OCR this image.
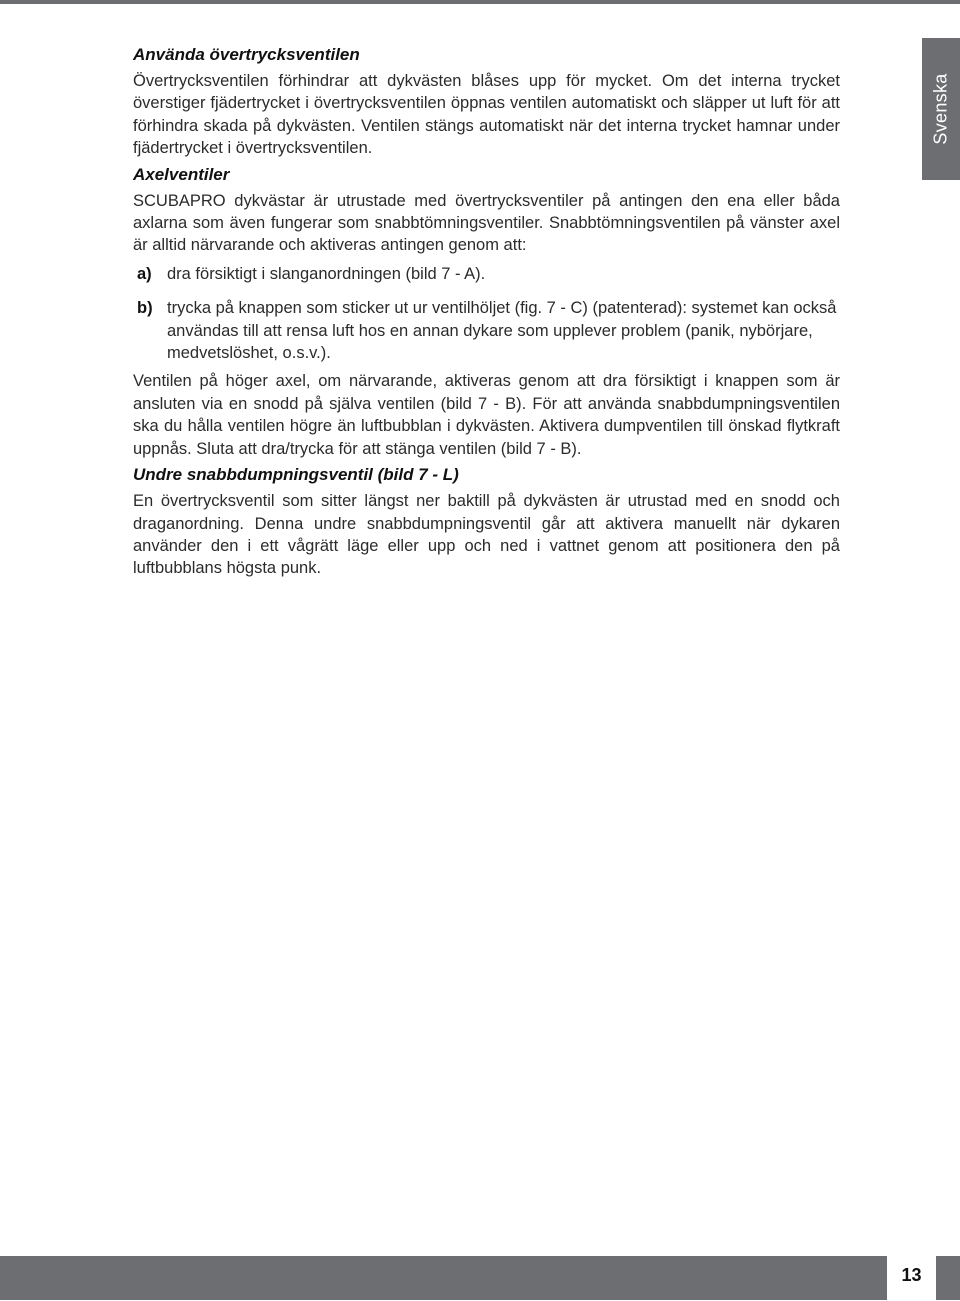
Svenska
Använda övertrycksventilen

Övertrycksventilen förhindrar att dykvästen blåses upp för mycket. Om det interna trycket överstiger fjädertrycket i övertrycksventilen öppnas ventilen automatiskt och släpper ut luft för att förhindra skada på dykvästen. Ventilen stängs automatiskt när det interna trycket hamnar under fjädertrycket i övertrycksventilen.

Axelventiler

SCUBAPRO dykvästar är utrustade med övertrycksventiler på antingen den ena eller båda axlarna som även fungerar som snabbtömningsventiler. Snabbtömningsventilen på vänster axel är alltid närvarande och aktiveras antingen genom att:

a) dra försiktigt i slanganordningen (bild 7 - A).
b) trycka på knappen som sticker ut ur ventilhöljet (fig. 7 - C) (patenterad): systemet kan också användas till att rensa luft hos en annan dykare som upplever problem (panik, nybörjare, medvetslöshet, o.s.v.).

Ventilen på höger axel, om närvarande, aktiveras genom att dra försiktigt i knappen som är ansluten via en snodd på själva ventilen (bild 7 - B). För att använda snabbdumpningsventilen ska du hålla ventilen högre än luftbubblan i dykvästen. Aktivera dumpventilen till önskad flytkraft uppnås. Sluta att dra/trycka för att stänga ventilen (bild 7 - B).

Undre snabbdumpningsventil (bild 7 - L)

En övertrycksventil som sitter längst ner baktill på dykvästen är utrustad med en snodd och draganordning. Denna undre snabbdumpningsventil går att aktivera manuellt när dykaren använder den i ett vågrätt läge eller upp och ned i vattnet genom att positionera den på luftbubblans högsta punk.

13
